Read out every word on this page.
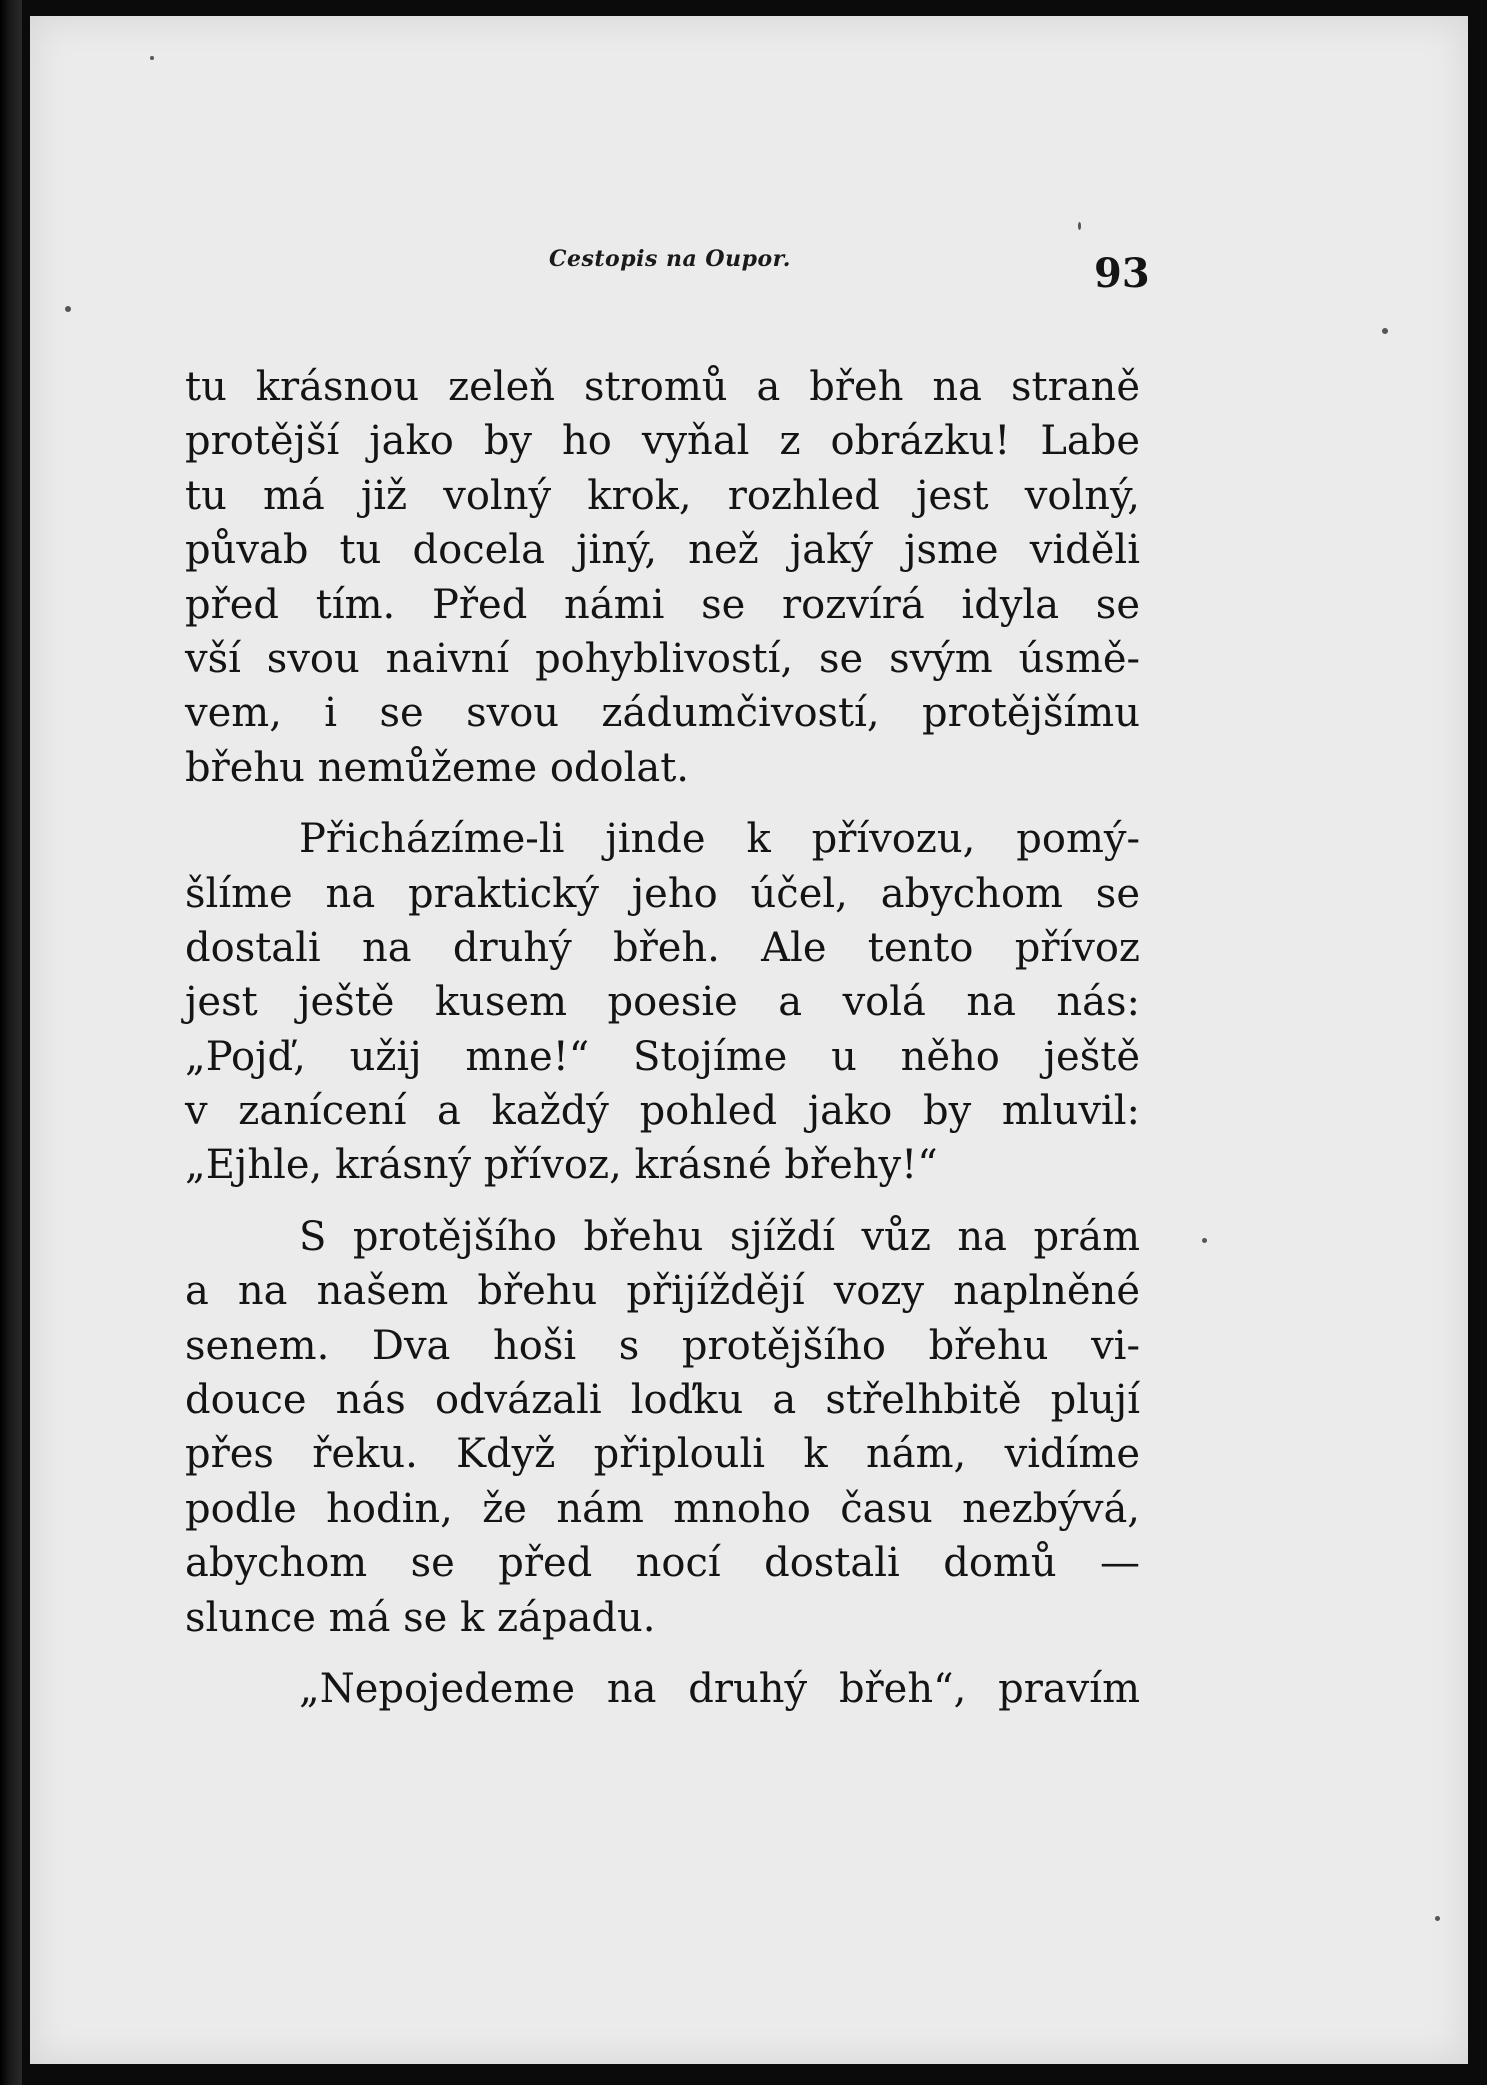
Cestopis na Oupor.	93
tu krásnou zeleň stromů a břeh na straně
protější jako by ho vyňal z obrázku! Labe
tu má již volný krok, rozhled jest volný,
půvab tu docela jiný, než jaký jsme viděli
před tím. Před námi se rozvírá idyla se
vší svou naivní pohyblivostí, se svým úsmě-
vem, i se svou zádumčivostí, protějšímu
břehu nemůžeme odolat.
Přicházíme-li jinde k přívozu, pomý-
šlíme na praktický jeho účel, abychom se
dostali na druhý břeh. Ale tento přívoz
jest ještě kusem poesie a volá na nás:
„Pojď, užij mne!“ Stojíme u něho ještě
v zanícení a každý pohled jako by mluvil:
„Ejhle, krásný přívoz, krásné břehy!“
S protějšího břehu sjíždí vůz na prám
a na našem břehu přijíždějí vozy naplněné
senem. Dva hoši s protějšího břehu vi-
douce nás odvázali loďku a střelhbitě plují
přes řeku. Když připlouli k nám, vidíme
podle hodin, že nám mnoho času nezbývá,
abychom se před nocí dostali domů —
slunce má se k západu.
„Nepojedeme na druhý břeh“, pravím
